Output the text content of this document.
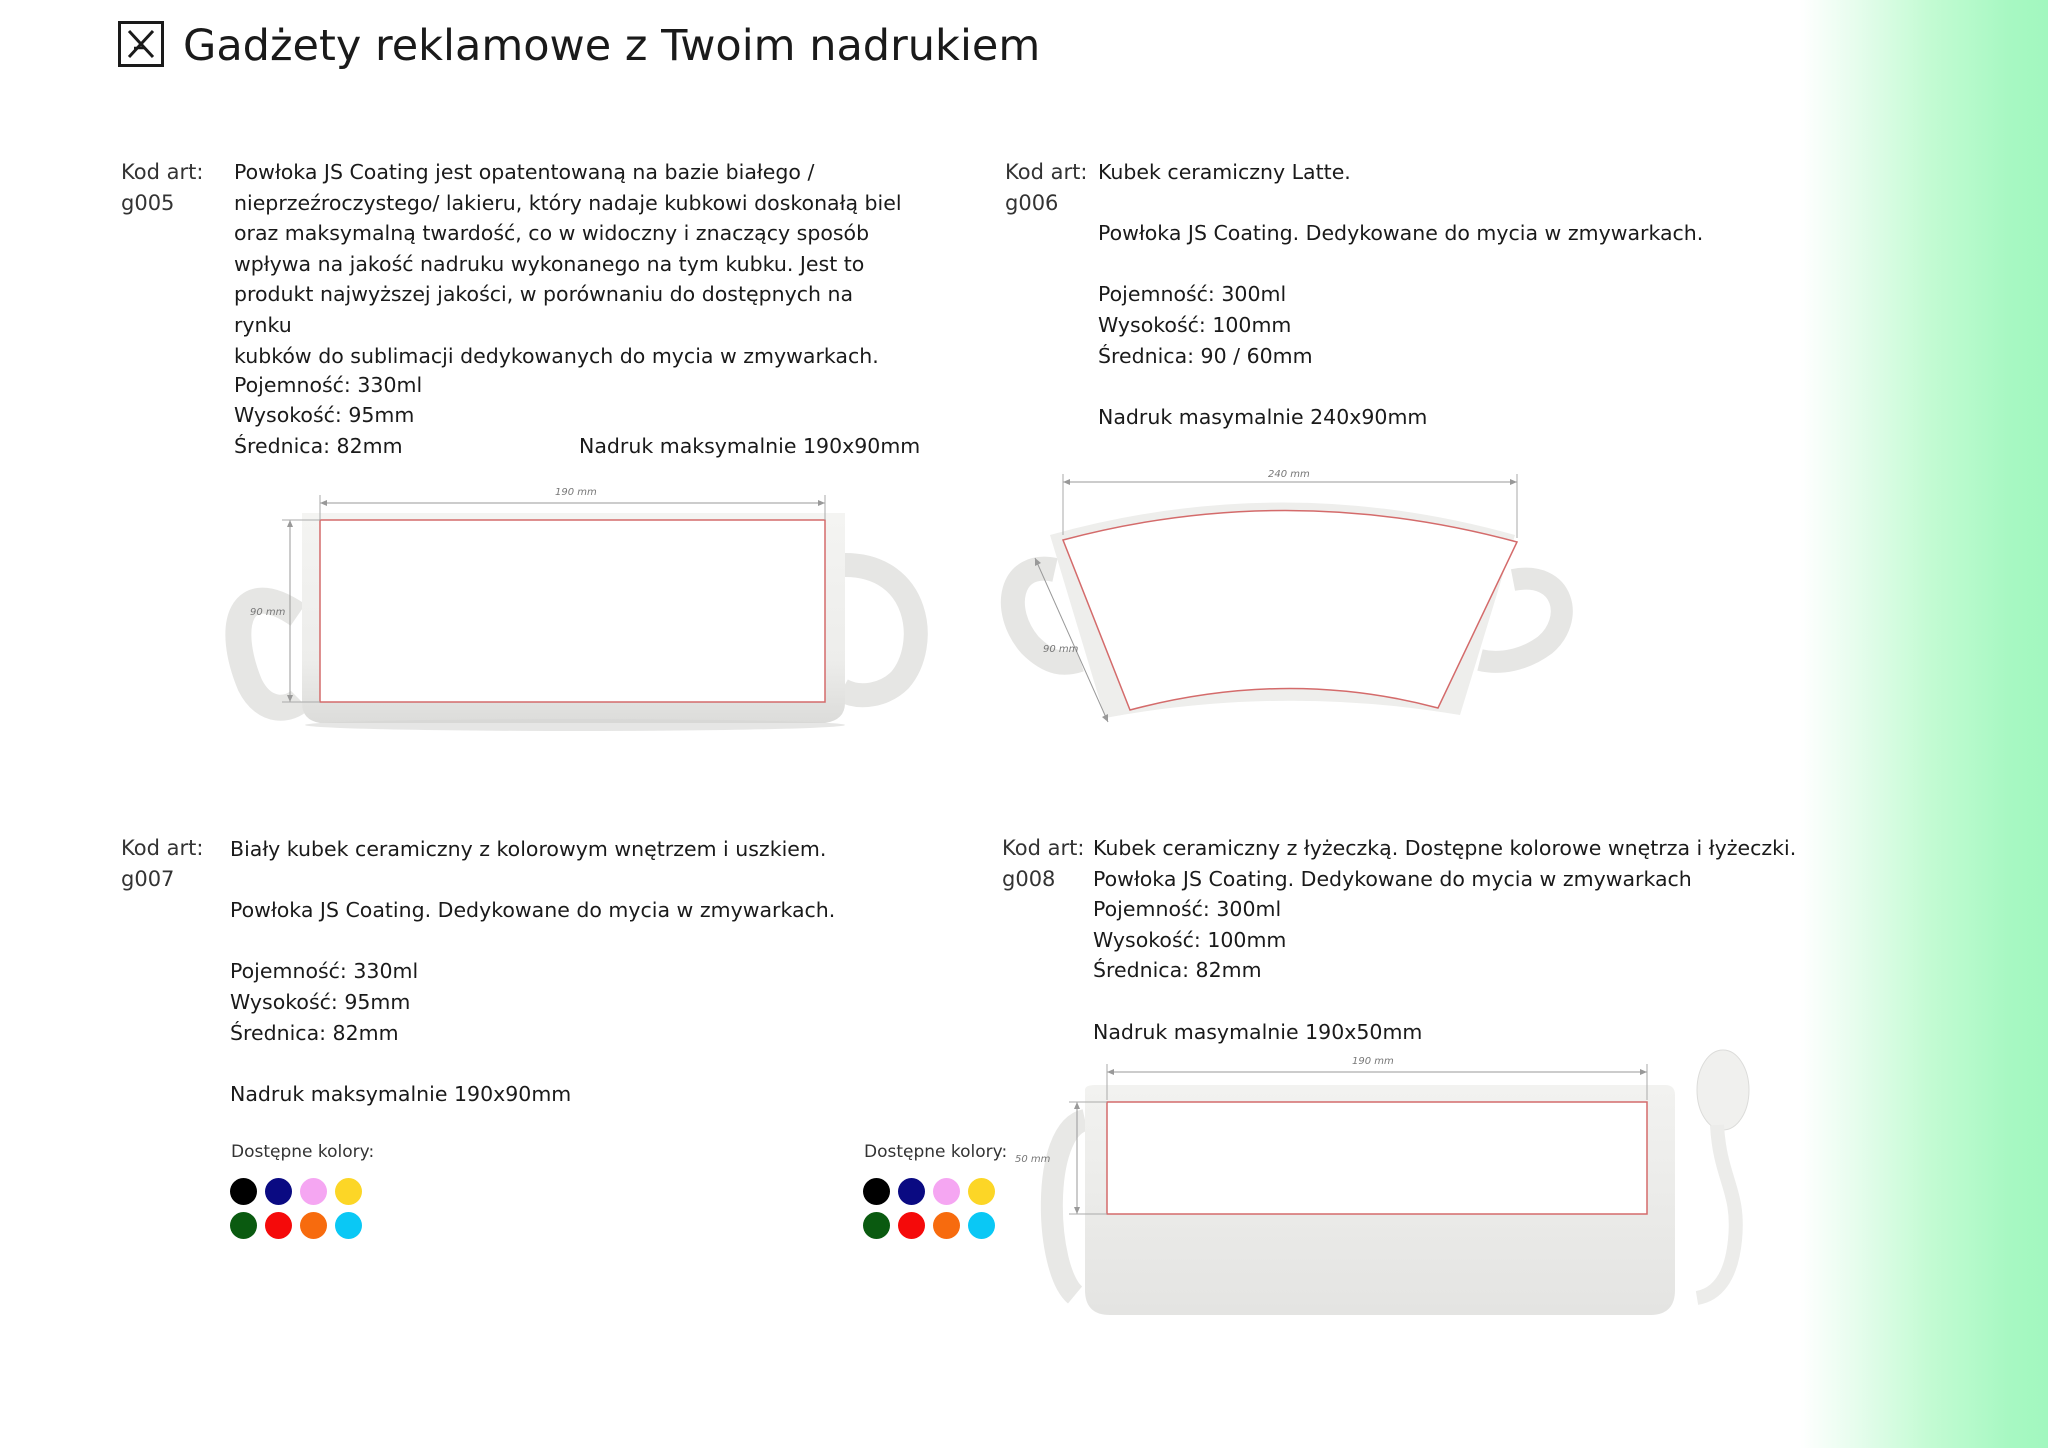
Gadżety reklamowe z Twoim nadrukiem
Kod art:
g005
Powłoka JS Coating jest opatentowaną na bazie białego /
nieprzeźroczystego/ lakieru, który nadaje kubkowi doskonałą biel
oraz maksymalną twardość, co w widoczny i znaczący sposób
wpływa na jakość nadruku wykonanego na tym kubku. Jest to
produkt najwyższej jakości, w porównaniu do dostępnych na rynku
kubków do sublimacji dedykowanych do mycia w zmywarkach.
Pojemność: 330ml
Wysokość: 95mm
Średnica: 82mm	Nadruk maksymalnie 190x90mm
190 mm
90 mm
Kod art:
g006
Kubek ceramiczny Latte.

Powłoka JS Coating. Dedykowane do mycia w zmywarkach.

Pojemność: 300ml
Wysokość: 100mm
Średnica: 90 / 60mm

Nadruk masymalnie 240x90mm
240 mm
90 mm
Kod art:
g007
Biały kubek ceramiczny z kolorowym wnętrzem i uszkiem.

Powłoka JS Coating. Dedykowane do mycia w zmywarkach.

Pojemność: 330ml
Wysokość: 95mm
Średnica: 82mm

Nadruk maksymalnie 190x90mm
Dostępne kolory:
Kod art:
g008
Kubek ceramiczny z łyżeczką. Dostępne kolorowe wnętrza i łyżeczki.
Powłoka JS Coating. Dedykowane do mycia w zmywarkach
Pojemność: 300ml
Wysokość: 100mm
Średnica: 82mm

Nadruk masymalnie 190x50mm
Dostępne kolory:
190 mm
50 mm
